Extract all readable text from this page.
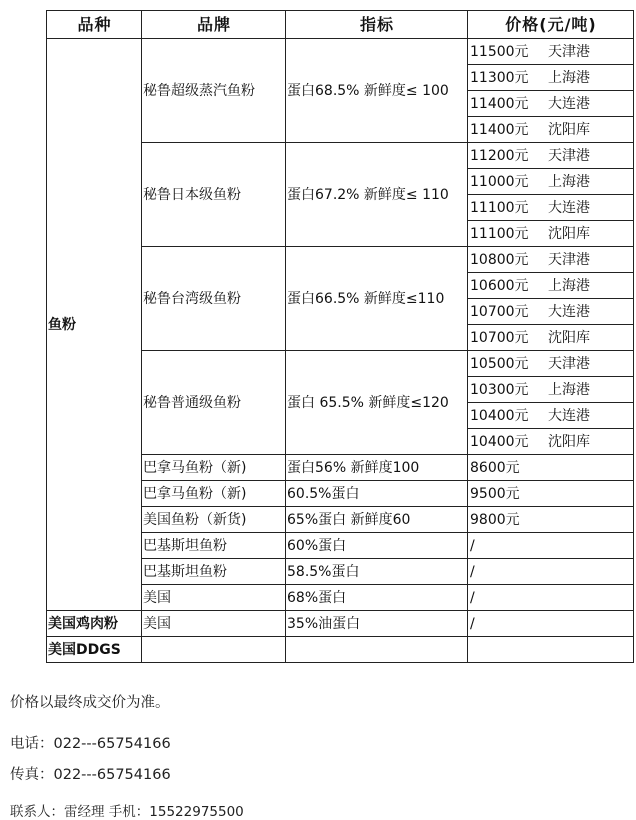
品种	品牌	指标	价格(元/吨)
鱼粉	秘鲁超级蒸汽鱼粉	蛋白68.5% 新鲜度≤ 100	11500元 天津港
			11300元 上海港
			11400元 大连港
			11400元 沈阳库
	秘鲁日本级鱼粉	蛋白67.2% 新鲜度≤ 110	11200元 天津港
			11000元 上海港
			11100元 大连港
			11100元 沈阳库
	秘鲁台湾级鱼粉	蛋白66.5% 新鲜度≤110	10800元 天津港
			10600元 上海港
			10700元 大连港
			10700元 沈阳库
	秘鲁普通级鱼粉	蛋白 65.5% 新鲜度≤120	10500元 天津港
			10300元 上海港
			10400元 大连港
			10400元 沈阳库
	巴拿马鱼粉（新)	蛋白56% 新鲜度100	8600元
	巴拿马鱼粉（新)	60.5%蛋白	9500元
	美国鱼粉（新货)	65%蛋白 新鲜度60	9800元
	巴基斯坦鱼粉	60%蛋白	/
	巴基斯坦鱼粉	58.5%蛋白	/
	美国	68%蛋白	/
美国鸡肉粉	美国	35%油蛋白	/
美国DDGS			
价格以最终成交价为准。
电话：022---65754166
传真：022---65754166
联系人：雷经理 手机：15522975500
